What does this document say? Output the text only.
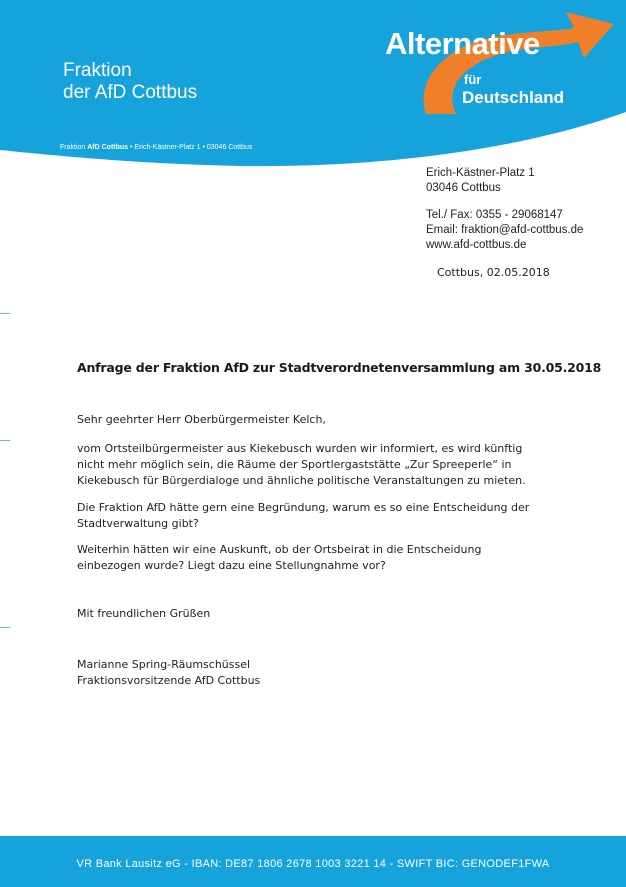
Fraktion
der AfD Cottbus
Fraktion AfD Cottbus • Erich-Kästner-Platz 1 • 03046 Cottbus
Alternative
für
Deutschland
Erich-Kästner-Platz 1
03046 Cottbus
Tel./ Fax: 0355 - 29068147
Email: fraktion@afd-cottbus.de
www.afd-cottbus.de
Cottbus, 02.05.2018
Anfrage der Fraktion AfD zur Stadtverordnetenversammlung am 30.05.2018
Sehr geehrter Herr Oberbürgermeister Kelch,
vom Ortsteilbürgermeister aus Kiekebusch wurden wir informiert, es wird künftig nicht mehr möglich sein, die Räume der Sportlergaststätte „Zur Spreeperle“ in Kiekebusch für Bürgerdialoge und ähnliche politische Veranstaltungen zu mieten.
Die Fraktion AfD hätte gern eine Begründung, warum es so eine Entscheidung der Stadtverwaltung gibt?
Weiterhin hätten wir eine Auskunft, ob der Ortsbeirat in die Entscheidung einbezogen wurde? Liegt dazu eine Stellungnahme vor?
Mit freundlichen Grüßen
Marianne Spring-Räumschüssel
Fraktionsvorsitzende AfD Cottbus
VR Bank Lausitz eG - IBAN: DE87 1806 2678 1003 3221 14 - SWIFT BIC: GENODEF1FWA
